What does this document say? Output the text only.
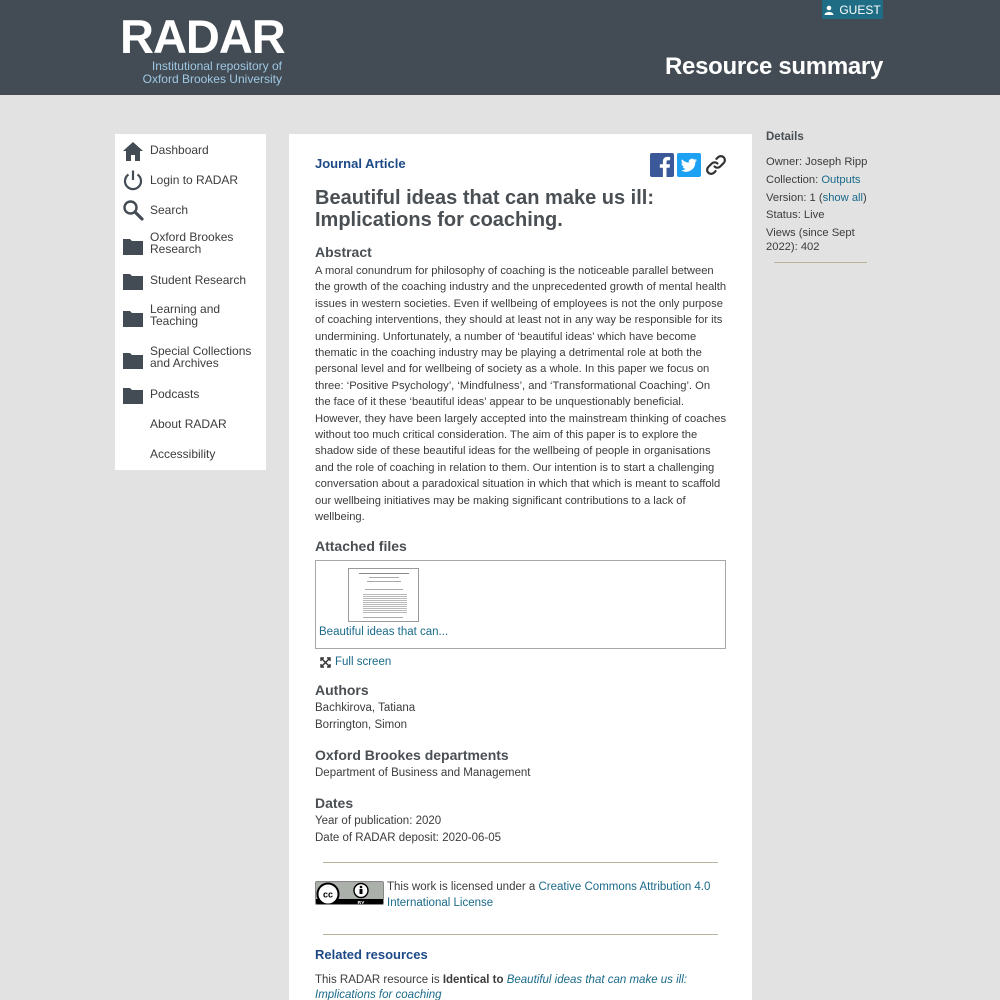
RADAR
Institutional repository of
Oxford Brookes University
GUEST
Resource summary
Dashboard
Login to RADAR
Search
Oxford Brookes Research
Student Research
Learning and Teaching
Special Collections and Archives
Podcasts
About RADAR
Accessibility
Journal Article
Beautiful ideas that can make us ill: Implications for coaching.
Abstract
A moral conundrum for philosophy of coaching is the noticeable parallel between the growth of the coaching industry and the unprecedented growth of mental health issues in western societies. Even if wellbeing of employees is not the only purpose of coaching interventions, they should at least not in any way be responsible for its undermining. Unfortunately, a number of ‘beautiful ideas’ which have become thematic in the coaching industry may be playing a detrimental role at both the personal level and for wellbeing of society as a whole. In this paper we focus on three: ‘Positive Psychology’, ‘Mindfulness’, and ‘Transformational Coaching’. On the face of it these ‘beautiful ideas’ appear to be unquestionably beneficial. However, they have been largely accepted into the mainstream thinking of coaches without too much critical consideration. The aim of this paper is to explore the shadow side of these beautiful ideas for the wellbeing of people in organisations and the role of coaching in relation to them. Our intention is to start a challenging conversation about a paradoxical situation in which that which is meant to scaffold our wellbeing initiatives may be making significant contributions to a lack of wellbeing.
Attached files
Beautiful ideas that can...
Full screen
Authors
Bachkirova, Tatiana
Borrington, Simon
Oxford Brookes departments
Department of Business and Management
Dates
Year of publication: 2020
Date of RADAR deposit: 2020-06-05
cc
BY
This work is licensed under a Creative Commons Attribution 4.0 International License
Related resources
This RADAR resource is Identical to Beautiful ideas that can make us ill: Implications for coaching
Details
Owner: Joseph Ripp
Collection: Outputs
Version: 1 (show all)
Status: Live
Views (since Sept 2022): 402
